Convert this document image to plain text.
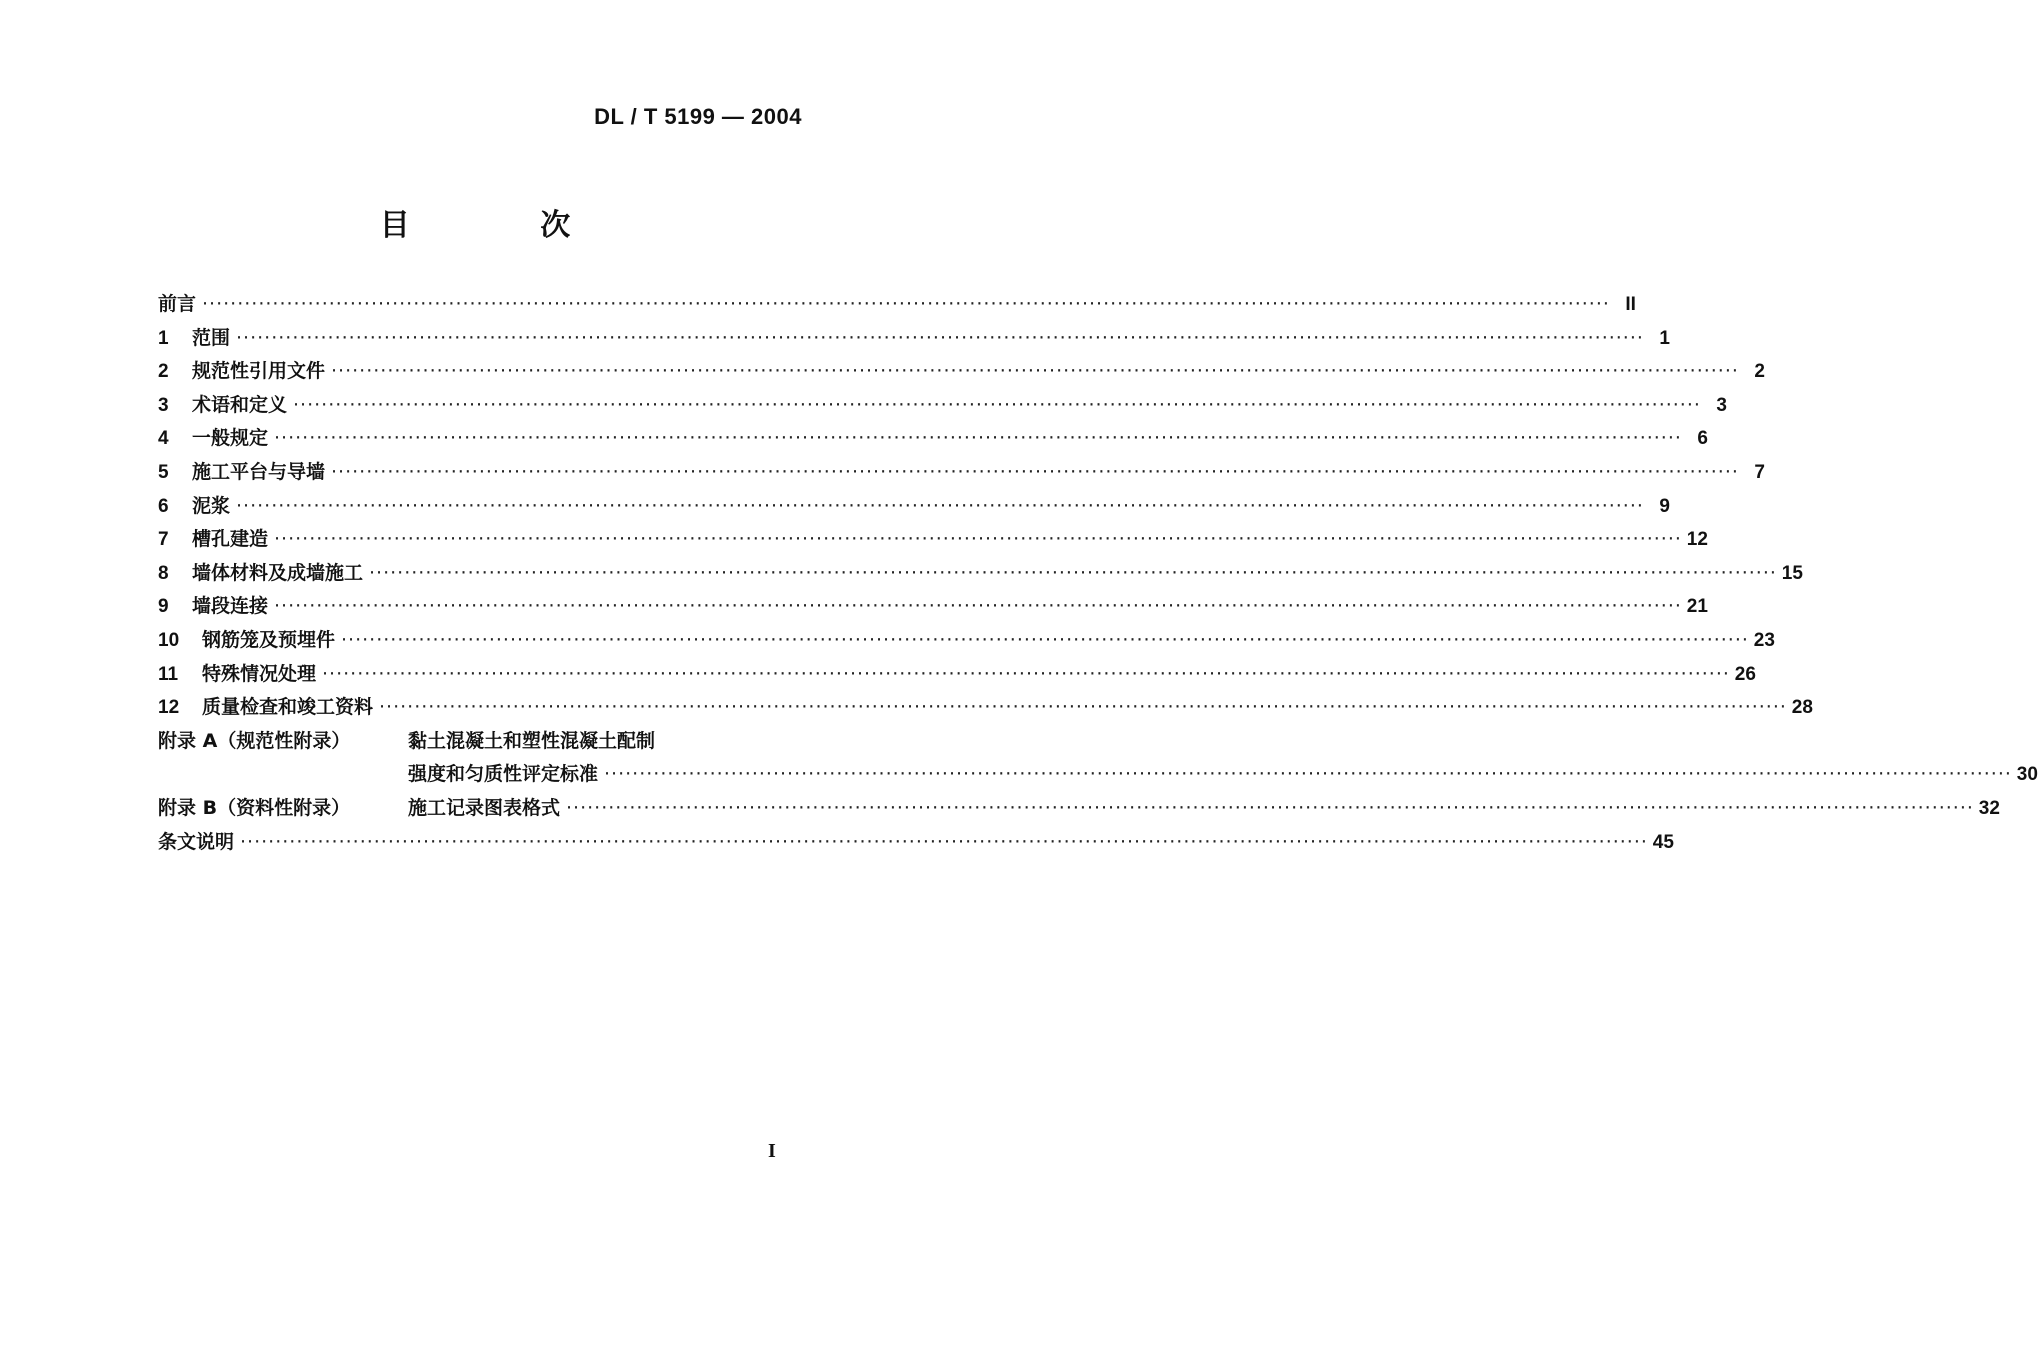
DL / T 5199 — 2004
目 次
前言 ········································································································································································································ II
1	范围 ········································································································································································································ 1
2	规范性引用文件 ········································································································································································································ 2
3	术语和定义 ········································································································································································································ 3
4	一般规定 ········································································································································································································ 6
5	施工平台与导墙 ········································································································································································································ 7
6	泥浆 ········································································································································································································ 9
7	槽孔建造 ········································································································································································································ 12
8	墙体材料及成墙施工 ········································································································································································································ 15
9	墙段连接 ········································································································································································································ 21
10	钢筋笼及预埋件 ········································································································································································································ 23
11	特殊情况处理 ········································································································································································································ 26
12	质量检查和竣工资料 ········································································································································································································ 28
附录 A（规范性附录）	黏土混凝土和塑性混凝土配制
强度和匀质性评定标准 ········································································································································································································ 30
附录 B（资料性附录）	施工记录图表格式 ········································································································································································································ 32
条文说明 ········································································································································································································ 45
I
